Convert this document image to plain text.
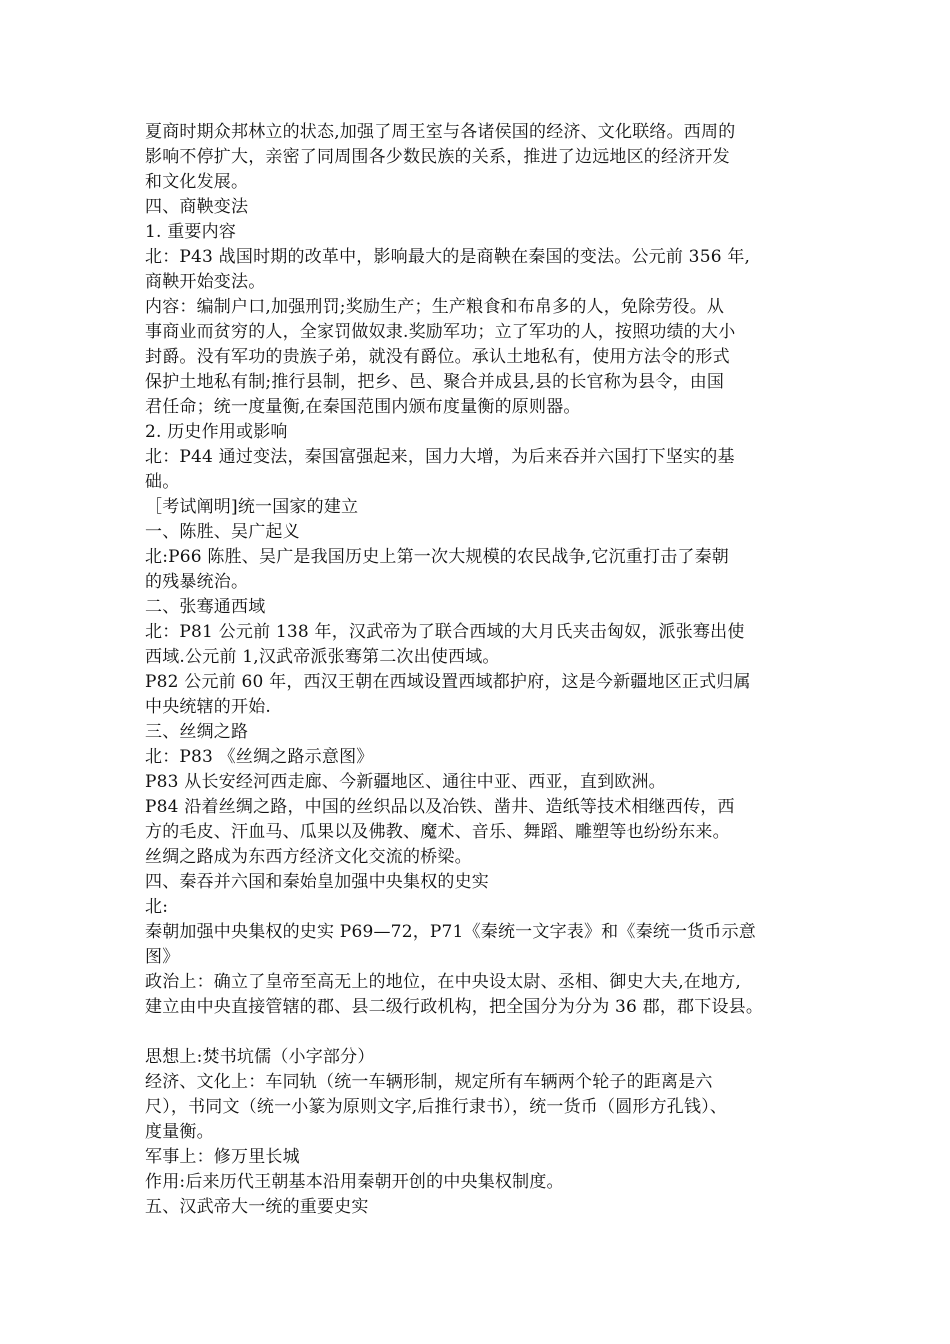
夏商时期众邦林立的状态,加强了周王室与各诸侯国的经济、文化联络。西周的
影响不停扩大，亲密了同周围各少数民族的关系，推进了边远地区的经济开发
和文化发展。
四、商鞅变法
1. 重要内容
北：P43 战国时期的改革中，影响最大的是商鞅在秦国的变法。公元前 356 年,
商鞅开始变法。
内容：编制户口,加强刑罚;奖励生产；生产粮食和布帛多的人，免除劳役。从
事商业而贫穷的人，全家罚做奴隶.奖励军功；立了军功的人，按照功绩的大小
封爵。没有军功的贵族子弟，就没有爵位。承认土地私有，使用方法令的形式
保护土地私有制;推行县制，把乡、邑、聚合并成县,县的长官称为县令，由国
君任命；统一度量衡,在秦国范围内颁布度量衡的原则器。
2. 历史作用或影响
北：P44 通过变法，秦国富强起来，国力大增，为后来吞并六国打下坚实的基
础。
［考试阐明]统一国家的建立
一、陈胜、吴广起义
北:P66 陈胜、吴广是我国历史上第一次大规模的农民战争,它沉重打击了秦朝
的残暴统治。
二、张骞通西域
北：P81 公元前 138 年，汉武帝为了联合西域的大月氏夹击匈奴，派张骞出使
西域.公元前 1,汉武帝派张骞第二次出使西域。
P82 公元前 60 年，西汉王朝在西域设置西域都护府，这是今新疆地区正式归属
中央统辖的开始.
三、丝绸之路
北：P83 《丝绸之路示意图》
P83 从长安经河西走廊、今新疆地区、通往中亚、西亚，直到欧洲。
P84 沿着丝绸之路，中国的丝织品以及冶铁、凿井、造纸等技术相继西传，西
方的毛皮、汗血马、瓜果以及佛教、魔术、音乐、舞蹈、雕塑等也纷纷东来。
丝绸之路成为东西方经济文化交流的桥梁。
四、秦吞并六国和秦始皇加强中央集权的史实
北:
秦朝加强中央集权的史实 P69—72，P71《秦统一文字表》和《秦统一货币示意
图》
政治上：确立了皇帝至高无上的地位，在中央设太尉、丞相、御史大夫,在地方,
建立由中央直接管辖的郡、县二级行政机构，把全国分为分为 36 郡，郡下设县。
思想上:焚书坑儒（小字部分）
经济、文化上：车同轨（统一车辆形制，规定所有车辆两个轮子的距离是六
尺），书同文（统一小篆为原则文字,后推行隶书），统一货币（圆形方孔钱）、
度量衡。
军事上：修万里长城
作用:后来历代王朝基本沿用秦朝开创的中央集权制度。
五、汉武帝大一统的重要史实
